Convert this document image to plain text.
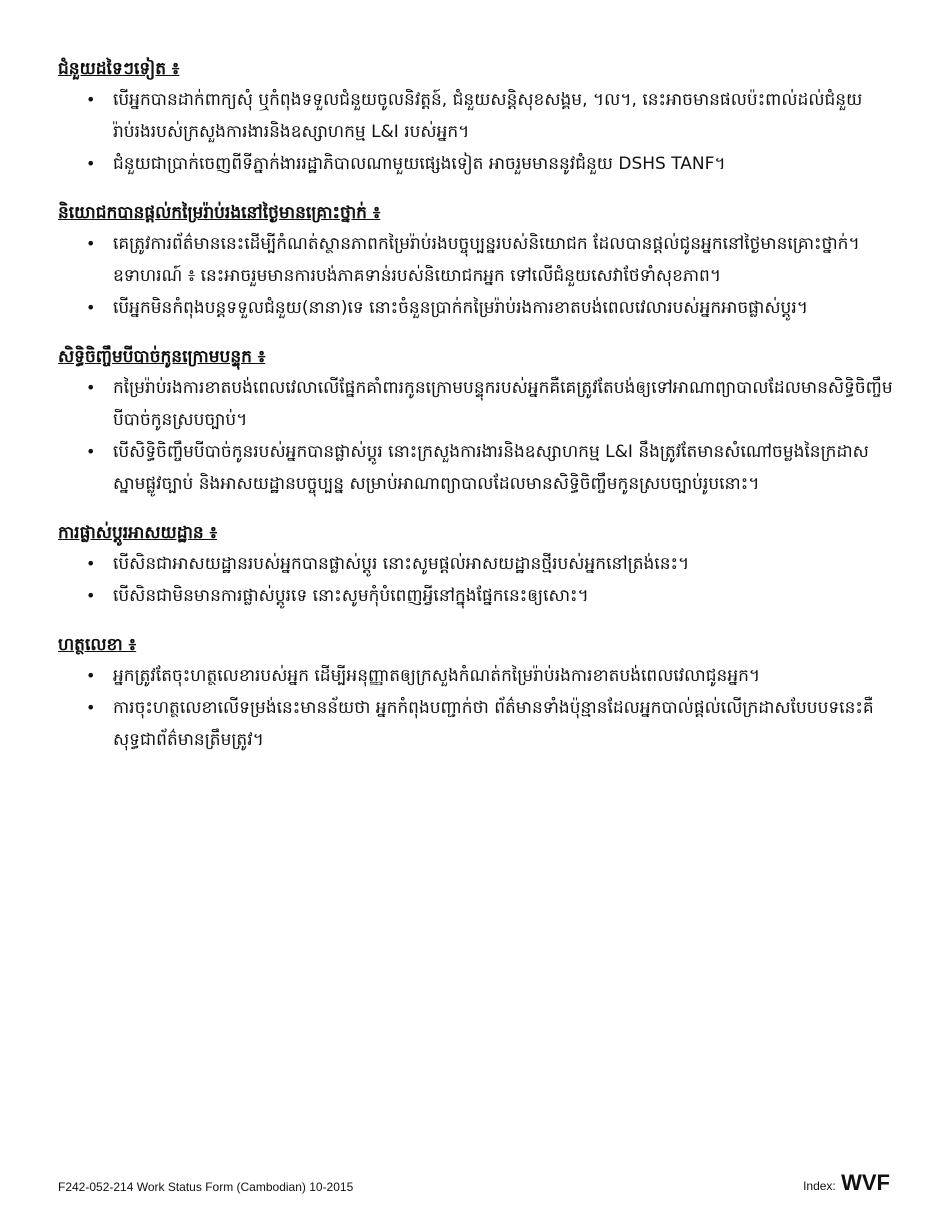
ជំនួយដទៃៗទៀត ៖

• បើអ្នកបានដាក់ពាក្យសុំ ឬកំពុងទទួលជំនួយចូលនិវត្តន៍, ជំនួយសន្តិសុខសង្គម, ។ល។, នេះអាចមានផលប៉ះពាល់ដល់ជំនួយរ៉ាប់រងរបស់ក្រសួងការងារនិងឧស្សាហកម្ម L&I របស់អ្នក។
• ជំនួយជាប្រាក់ចេញពីទីភ្នាក់ងាររដ្ឋាភិបាលណាមួយផ្សេងទៀត អាចរួមមាននូវជំនួយ DSHS TANF។

និយោជកបានផ្តល់កម្រៃរ៉ាប់រងនៅថ្ងៃមានគ្រោះថ្នាក់ ៖

• គេត្រូវការព័ត៌មាននេះដើម្បីកំណត់ស្ថានភាពកម្រៃរ៉ាប់រងបច្ចុប្បន្នរបស់និយោជក ដែលបានផ្តល់ជូនអ្នកនៅថ្ងៃមានគ្រោះថ្នាក់។ ឧទាហរណ៍ ៖ នេះអាចរួមមានការបង់ភាគទាន់របស់និយោជកអ្នក ទៅលើជំនួយសេវាថែទាំសុខភាព។
• បើអ្នកមិនកំពុងបន្តទទួលជំនួយ(នានា)ទេ នោះចំនួនប្រាក់កម្រៃរ៉ាប់រងការខាតបង់ពេលវេលារបស់អ្នកអាចផ្លាស់ប្តូរ។

សិទ្ធិចិញ្ចឹមបីបាច់កូនក្រោមបន្ទុក ៖

• កម្រៃរ៉ាប់រងការខាតបង់ពេលវេលាលើផ្នែកគាំពារកូនក្រោមបន្ទុករបស់អ្នកគឺគេត្រូវតែបង់ឲ្យទៅអាណាព្យាបាលដែលមានសិទ្ធិចិញ្ចឹមបីបាច់កូនស្របច្បាប់។
• បើសិទ្ធិចិញ្ចឹមបីបាច់កូនរបស់អ្នកបានផ្លាស់ប្តូរ នោះក្រសួងការងារនិងឧស្សាហកម្ម L&I នឹងត្រូវតែមានសំណៅចម្លងនៃក្រដាសស្នាមផ្លូវច្បាប់ និងអាសយដ្ឋានបច្ចុប្បន្ន សម្រាប់អាណាព្យាបាលដែលមានសិទ្ធិចិញ្ចឹមកូនស្របច្បាប់រូបនោះ។

ការផ្លាស់ប្តូរអាសយដ្ឋាន ៖

• បើសិនជាអាសយដ្ឋានរបស់អ្នកបានផ្លាស់ប្តូរ នោះសូមផ្តល់អាសយដ្ឋានថ្មីរបស់អ្នកនៅត្រង់នេះ។
• បើសិនជាមិនមានការផ្លាស់ប្តូរទេ នោះសូមកុំបំពេញអ្វីនៅក្នុងផ្នែកនេះឲ្យសោះ។

ហត្ថលេខា ៖

• អ្នកត្រូវតែចុះហត្ថលេខារបស់អ្នក ដើម្បីអនុញ្ញាតឲ្យក្រសួងកំណត់កម្រៃរ៉ាប់រងការខាតបង់ពេលវេលាជូនអ្នក។
• ការចុះហត្ថលេខាលើទម្រង់នេះមានន័យថា អ្នកកំពុងបញ្ជាក់ថា ព័ត៌មានទាំងប៉ុន្មានដែលអ្នកបាល់ផ្តល់លើក្រដាសបែបបទនេះគឺសុទ្ធជាព័ត៌មានត្រឹមត្រូវ។
F242-052-214 Work Status Form (Cambodian) 10-2015	Index: WVF
